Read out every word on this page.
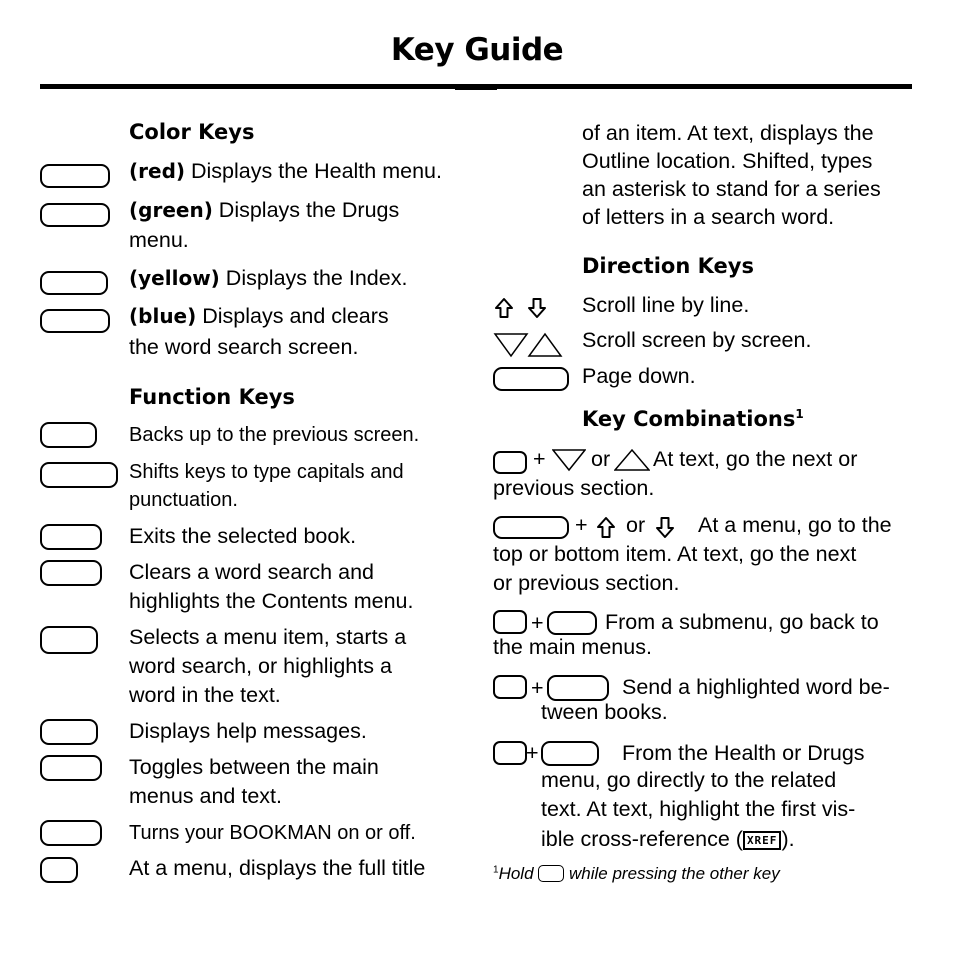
Key Guide
Color Keys
(red) Displays the Health menu.
(green) Displays the Drugs
menu.
(yellow) Displays the Index.
(blue) Displays and clears
the word search screen.
Function Keys
Backs up to the previous screen.
Shifts keys to type capitals and
punctuation.
Exits the selected book.
Clears a word search and
highlights the Contents menu.
Selects a menu item, starts a
word search, or highlights a
word in the text.
Displays help messages.
Toggles between the main
menus and text.
Turns your BOOKMAN on or off.
At a menu, displays the full title
of an item. At text, displays the
Outline location. Shifted, types
an asterisk to stand for a series
of letters in a search word.
Direction Keys
Scroll line by line.
Scroll screen by screen.
Page down.
Key Combinations$^1$
+ or At text, go the next or
previous section.
+ or At a menu, go to the
top or bottom item. At text, go the next
or previous section.
+	From a submenu, go back to
the main menus.
+	Send a highlighted word be-
tween books.
+	From the Health or Drugs
menu, go directly to the related
text. At text, highlight the first vis-
ible cross-reference ( XREF ).
$^1$Hold  while pressing the other key
